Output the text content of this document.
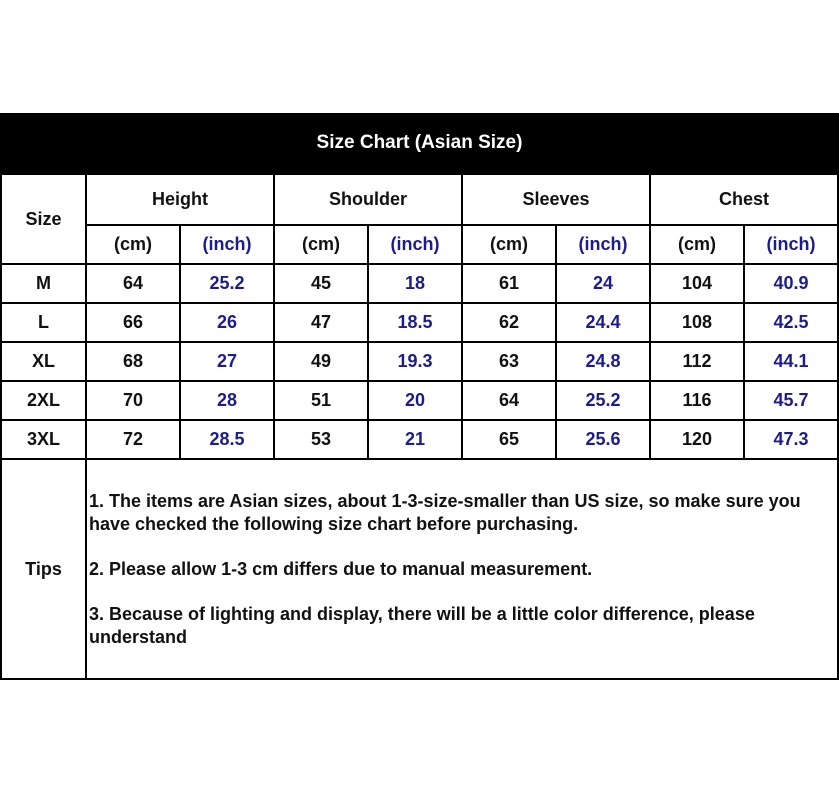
Size Chart (Asian Size)
Size	Height		Shoulder		Sleeves		Chest	
	(cm)	(inch)	(cm)	(inch)	(cm)	(inch)	(cm)	(inch)
M	64	25.2	45	18	61	24	104	40.9
L	66	26	47	18.5	62	24.4	108	42.5
XL	68	27	49	19.3	63	24.8	112	44.1
2XL	70	28	51	20	64	25.2	116	45.7
3XL	72	28.5	53	21	65	25.6	120	47.3
Tips	1. The items are Asian sizes, about 1-3-size-smaller than US size, so make sure you have checked the following size chart before purchasing.

2. Please allow 1-3 cm differs due to manual measurement.

3. Because of lighting and display, there will be a little color difference, please understand							
